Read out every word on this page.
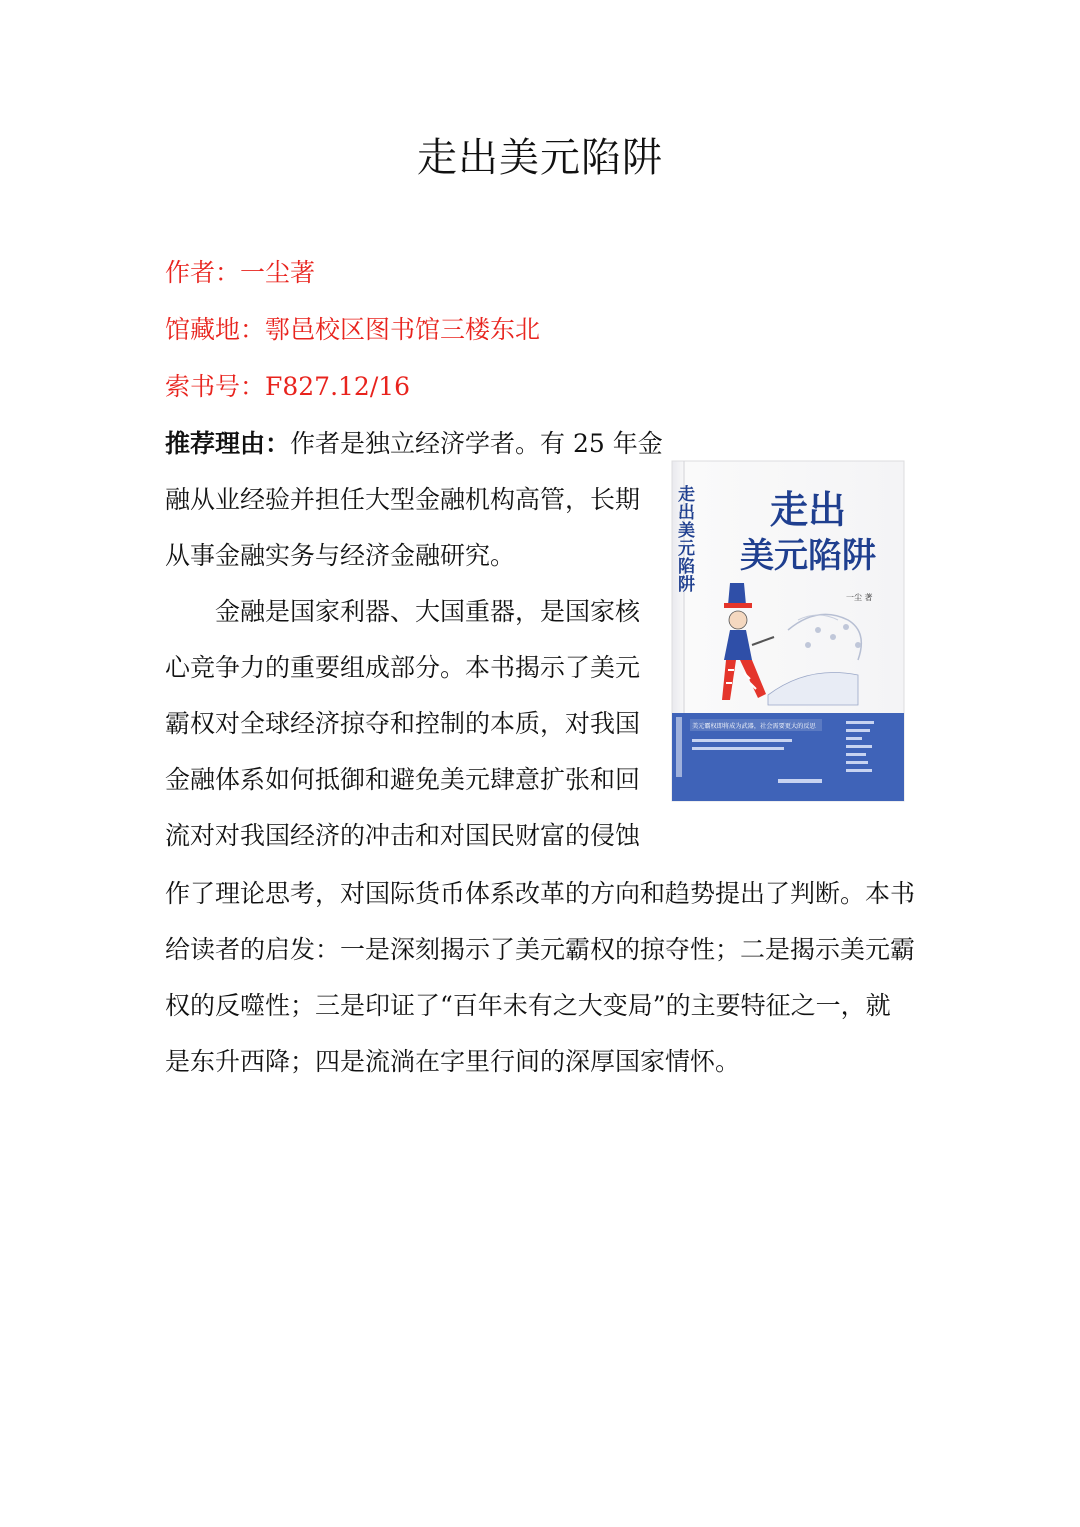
走出美元陷阱
作者：一尘著
馆藏地：鄠邑校区图书馆三楼东北
索书号：F827.12/16
推荐理由：作者是独立经济学者。有 25 年金
融从业经验并担任大型金融机构高管，长期
从事金融实务与经济金融研究。
金融是国家利器、大国重器，是国家核
心竞争力的重要组成部分。本书揭示了美元
霸权对全球经济掠夺和控制的本质，对我国
金融体系如何抵御和避免美元肆意扩张和回
流对对我国经济的冲击和对国民财富的侵蚀
作了理论思考，对国际货币体系改革的方向和趋势提出了判断。本书
给读者的启发：一是深刻揭示了美元霸权的掠夺性；二是揭示美元霸
权的反噬性；三是印证了“百年未有之大变局”的主要特征之一，就
是东升西降；四是流淌在字里行间的深厚国家情怀。
走出美元陷阱 走出
美元陷阱
一尘 著
美元霸权即将成为武器，社会需要更大的反思
